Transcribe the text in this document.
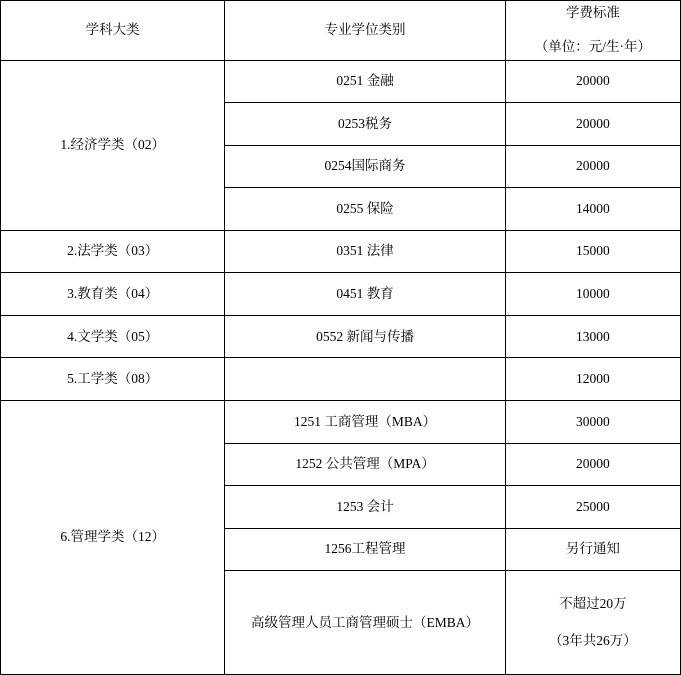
学科大类	专业学位类别	学费标准
（单位：元/生·年）

1.经济学类（02）	0251 金融	20000
	0253税务	20000
	0254国际商务	20000
	0255 保险	14000
2.法学类（03）	0351 法律	15000
3.教育类（04）	0451 教育	10000
4.文学类（05）	0552 新闻与传播	13000
5.工学类（08）		12000
6.管理学类（12）	1251 工商管理（MBA）	30000
	1252 公共管理（MPA）	20000
	1253 会计	25000
	1256工程管理	另行通知
	高级管理人员工商管理硕士（EMBA）	不超过20万
（3年共26万）
